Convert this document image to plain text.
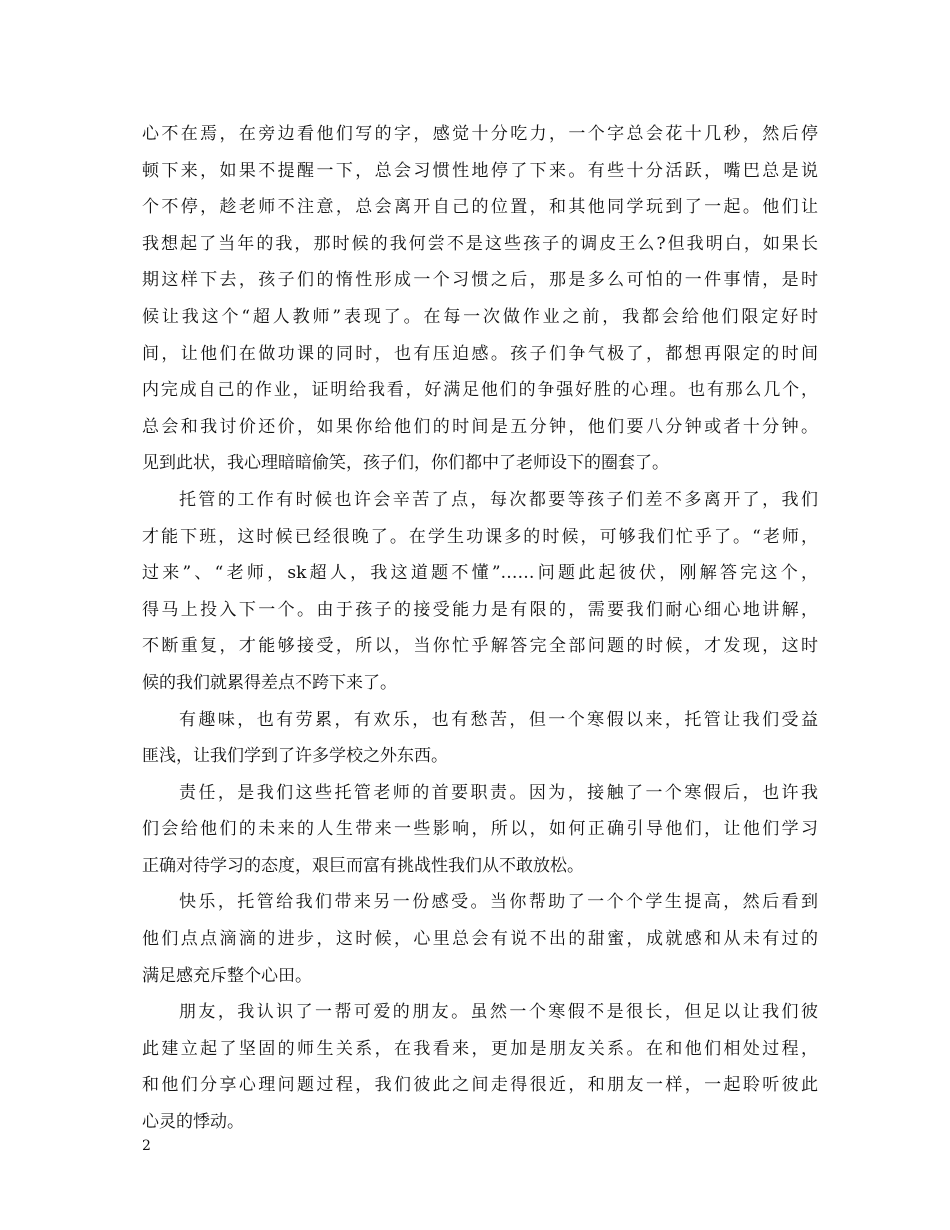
心不在焉，在旁边看他们写的字，感觉十分吃力，一个字总会花十几秒，然后停
顿下来，如果不提醒一下，总会习惯性地停了下来。有些十分活跃，嘴巴总是说
个不停，趁老师不注意，总会离开自己的位置，和其他同学玩到了一起。他们让
我想起了当年的我，那时候的我何尝不是这些孩子的调皮王么?但我明白，如果长
期这样下去，孩子们的惰性形成一个习惯之后，那是多么可怕的一件事情，是时
候让我这个“超人教师”表现了。在每一次做作业之前，我都会给他们限定好时
间，让他们在做功课的同时，也有压迫感。孩子们争气极了，都想再限定的时间
内完成自己的作业，证明给我看，好满足他们的争强好胜的心理。也有那么几个，
总会和我讨价还价，如果你给他们的时间是五分钟，他们要八分钟或者十分钟。
见到此状，我心理暗暗偷笑，孩子们，你们都中了老师设下的圈套了。
托管的工作有时候也许会辛苦了点，每次都要等孩子们差不多离开了，我们
才能下班，这时候已经很晚了。在学生功课多的时候，可够我们忙乎了。“老师，
过来”、“老师，sk超人，我这道题不懂”……问题此起彼伏，刚解答完这个，
得马上投入下一个。由于孩子的接受能力是有限的，需要我们耐心细心地讲解，
不断重复，才能够接受，所以，当你忙乎解答完全部问题的时候，才发现，这时
候的我们就累得差点不跨下来了。
有趣味，也有劳累，有欢乐，也有愁苦，但一个寒假以来，托管让我们受益
匪浅，让我们学到了许多学校之外东西。
责任，是我们这些托管老师的首要职责。因为，接触了一个寒假后，也许我
们会给他们的未来的人生带来一些影响，所以，如何正确引导他们，让他们学习
正确对待学习的态度，艰巨而富有挑战性我们从不敢放松。
快乐，托管给我们带来另一份感受。当你帮助了一个个学生提高，然后看到
他们点点滴滴的进步，这时候，心里总会有说不出的甜蜜，成就感和从未有过的
满足感充斥整个心田。
朋友，我认识了一帮可爱的朋友。虽然一个寒假不是很长，但足以让我们彼
此建立起了坚固的师生关系，在我看来，更加是朋友关系。在和他们相处过程，
和他们分享心理问题过程，我们彼此之间走得很近，和朋友一样，一起聆听彼此
心灵的悸动。
2
